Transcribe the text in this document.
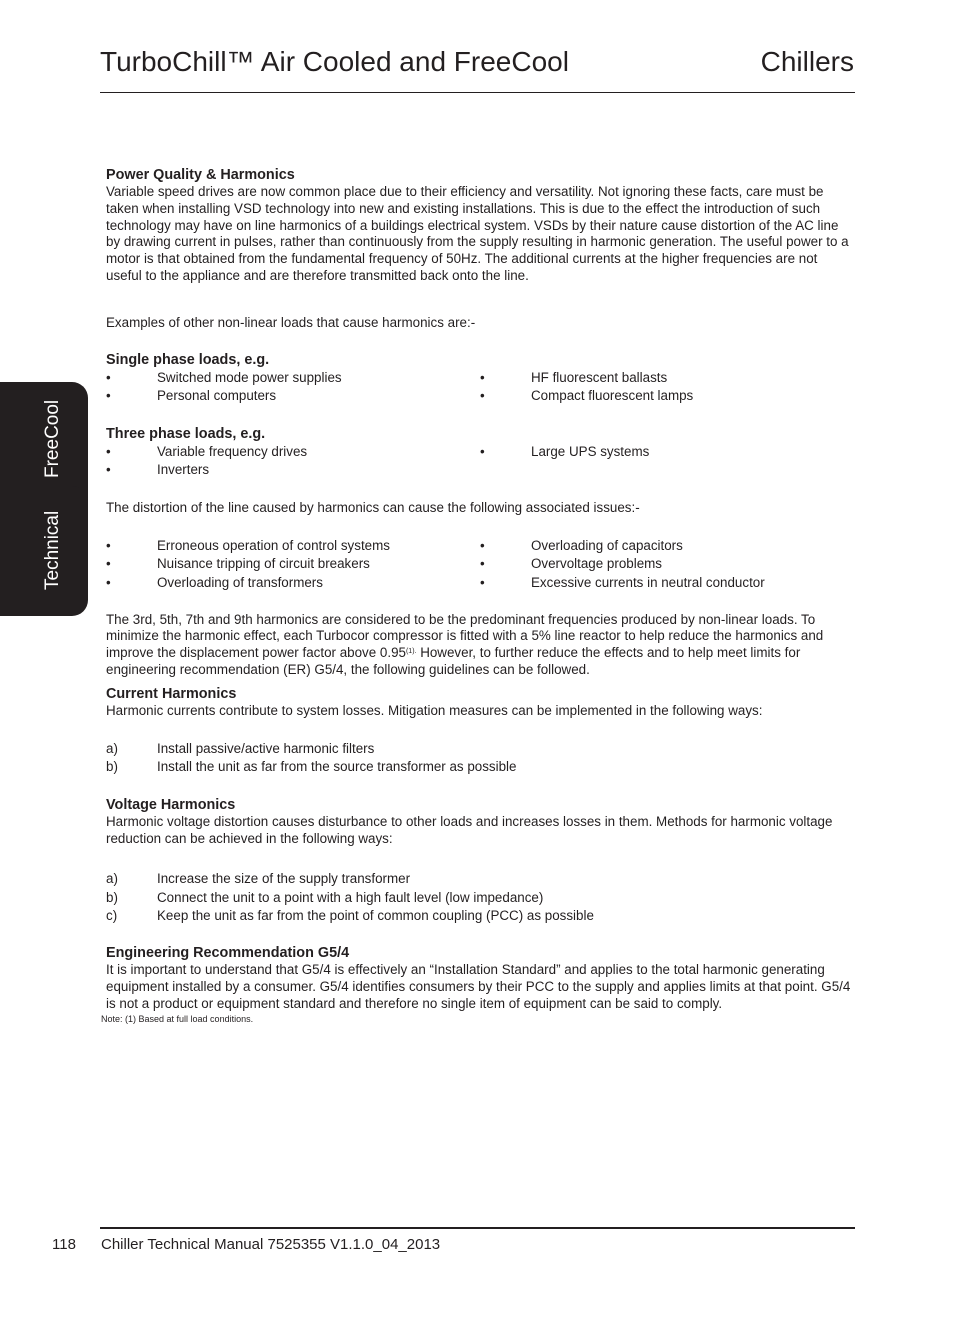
TurboChill™ Air Cooled and FreeCool	Chillers
FreeCool
Technical

Power Quality & Harmonics

Variable speed drives are now common place due to their efficiency and versatility. Not ignoring these facts, care must be taken when installing VSD technology into new and existing installations. This is due to the effect the introduction of such technology may have on line harmonics of a buildings electrical system. VSDs by their nature cause distortion of the AC line by drawing current in pulses, rather than continuously from the supply resulting in harmonic generation. The useful power to a motor is that obtained from the fundamental frequency of 50Hz. The additional currents at the higher frequencies are not useful to the appliance and are therefore transmitted back onto the line.

Examples of other non-linear loads that cause harmonics are:-

Single phase loads, e.g.

•	Switched mode power supplies	•	HF fluorescent ballasts
•	Personal computers	•	Compact fluorescent lamps

Three phase loads, e.g.

•	Variable frequency drives	•	Large UPS systems
•	Inverters

The distortion of the line caused by harmonics can cause the following associated issues:-

•	Erroneous operation of control systems	•	Overloading of capacitors
•	Nuisance tripping of circuit breakers	•	Overvoltage problems
•	Overloading of transformers	•	Excessive currents in neutral conductor

The 3rd, 5th, 7th and 9th harmonics are considered to be the predominant frequencies produced by non-linear loads. To minimize the harmonic effect, each Turbocor compressor is fitted with a 5% line reactor to help reduce the harmonics and improve the displacement power factor above $0.95^{(1).}$ However, to further reduce the effects and to help meet limits for engineering recommendation (ER) G5/4, the following guidelines can be followed.

Current Harmonics

Harmonic currents contribute to system losses. Mitigation measures can be implemented in the following ways:

a)	Install passive/active harmonic filters
b)	Install the unit as far from the source transformer as possible

Voltage Harmonics

Harmonic voltage distortion causes disturbance to other loads and increases losses in them. Methods for harmonic voltage reduction can be achieved in the following ways:

a)	Increase the size of the supply transformer
b)	Connect the unit to a point with a high fault level (low impedance)
c)	Keep the unit as far from the point of common coupling (PCC) as possible

Engineering Recommendation G5/4

It is important to understand that G5/4 is effectively an “Installation Standard” and applies to the total harmonic generating equipment installed by a consumer. G5/4 identifies consumers by their PCC to the supply and applies limits at that point. G5/4 is not a product or equipment standard and therefore no single item of equipment can be said to comply.

Note: (1) Based at full load conditions.

118 Chiller Technical Manual 7525355 V1.1.0_04_2013
